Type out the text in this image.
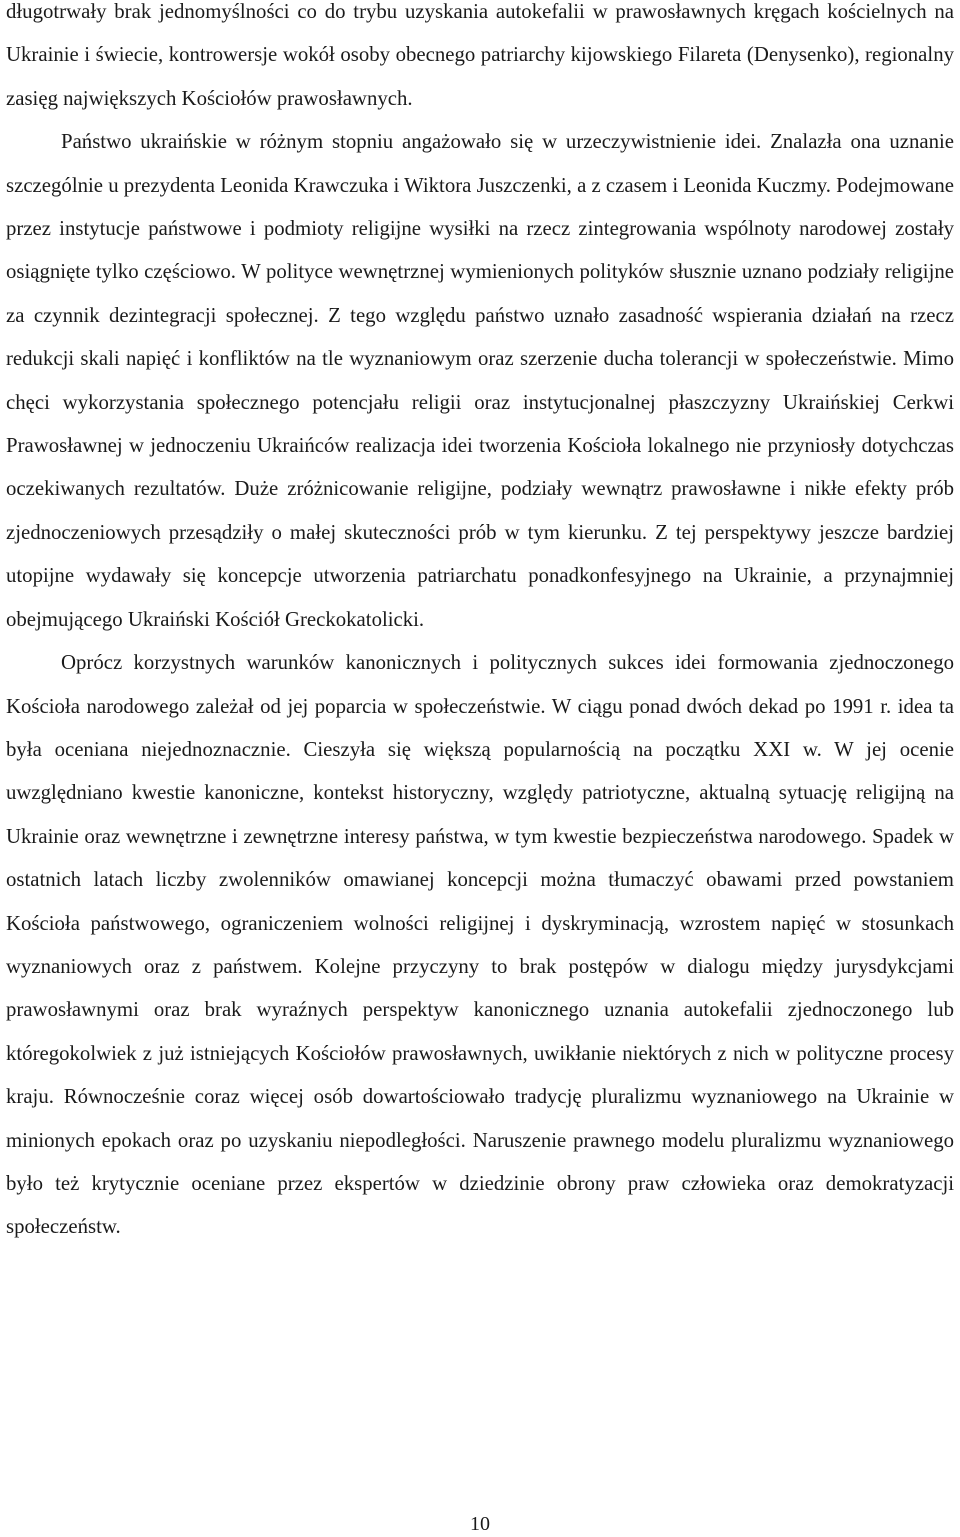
długotrwały brak jednomyślności co do trybu uzyskania autokefalii w prawosławnych kręgach kościelnych na Ukrainie i świecie, kontrowersje wokół osoby obecnego patriarchy kijowskiego Filareta (Denysenko), regionalny zasięg największych Kościołów prawosławnych.

Państwo ukraińskie w różnym stopniu angażowało się w urzeczywistnienie idei. Znalazła ona uznanie szczególnie u prezydenta Leonida Krawczuka i Wiktora Juszczenki, a z czasem i Leonida Kuczmy. Podejmowane przez instytucje państwowe i podmioty religijne wysiłki na rzecz zintegrowania wspólnoty narodowej zostały osiągnięte tylko częściowo. W polityce wewnętrznej wymienionych polityków słusznie uznano podziały religijne za czynnik dezintegracji społecznej. Z tego względu państwo uznało zasadność wspierania działań na rzecz redukcji skali napięć i konfliktów na tle wyznaniowym oraz szerzenie ducha tolerancji w społeczeństwie. Mimo chęci wykorzystania społecznego potencjału religii oraz instytucjonalnej płaszczyzny Ukraińskiej Cerkwi Prawosławnej w jednoczeniu Ukraińców realizacja idei tworzenia Kościoła lokalnego nie przyniosły dotychczas oczekiwanych rezultatów. Duże zróżnicowanie religijne, podziały wewnątrz prawosławne i nikłe efekty prób zjednoczeniowych przesądziły o małej skuteczności prób w tym kierunku. Z tej perspektywy jeszcze bardziej utopijne wydawały się koncepcje utworzenia patriarchatu ponadkonfesyjnego na Ukrainie, a przynajmniej obejmującego Ukraiński Kościół Greckokatolicki.

Oprócz korzystnych warunków kanonicznych i politycznych sukces idei formowania zjednoczonego Kościoła narodowego zależał od jej poparcia w społeczeństwie. W ciągu ponad dwóch dekad po 1991 r. idea ta była oceniana niejednoznacznie. Cieszyła się większą popularnością na początku XXI w. W jej ocenie uwzględniano kwestie kanoniczne, kontekst historyczny, względy patriotyczne, aktualną sytuację religijną na Ukrainie oraz wewnętrzne i zewnętrzne interesy państwa, w tym kwestie bezpieczeństwa narodowego. Spadek w ostatnich latach liczby zwolenników omawianej koncepcji można tłumaczyć obawami przed powstaniem Kościoła państwowego, ograniczeniem wolności religijnej i dyskryminacją, wzrostem napięć w stosunkach wyznaniowych oraz z państwem. Kolejne przyczyny to brak postępów w dialogu między jurysdykcjami prawosławnymi oraz brak wyraźnych perspektyw kanonicznego uznania autokefalii zjednoczonego lub któregokolwiek z już istniejących Kościołów prawosławnych, uwikłanie niektórych z nich w polityczne procesy kraju. Równocześnie coraz więcej osób dowartościowało tradycję pluralizmu wyznaniowego na Ukrainie w minionych epokach oraz po uzyskaniu niepodległości. Naruszenie prawnego modelu pluralizmu wyznaniowego było też krytycznie oceniane przez ekspertów w dziedzinie obrony praw człowieka oraz demokratyzacji społeczeństw.

10
